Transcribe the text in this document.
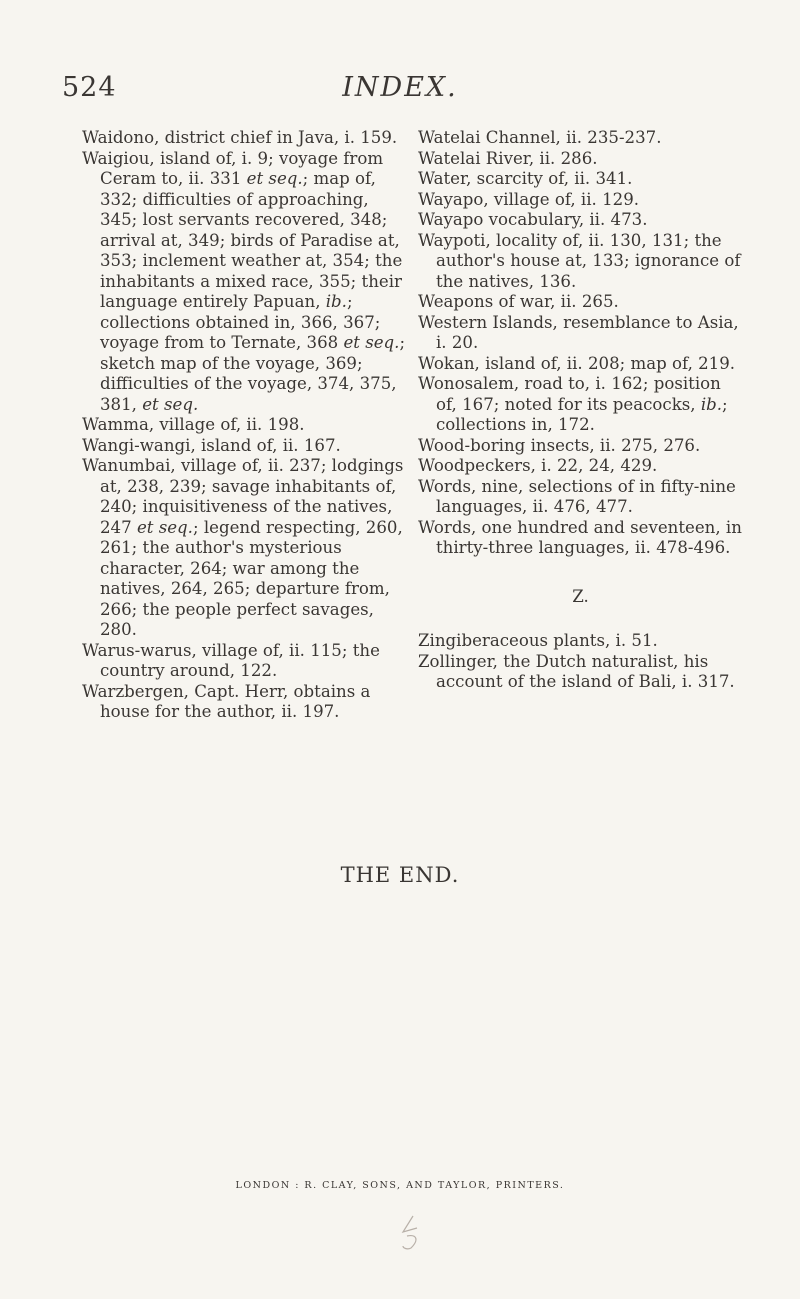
524	INDEX.

Waidono, district chief in Java, i. 159.

Waigiou, island of, i. 9; voyage from Ceram to, ii. 331 et seq.; map of, 332; difficulties of approaching, 345; lost servants recovered, 348; arrival at, 349; birds of Paradise at, 353; inclement weather at, 354; the inhabitants a mixed race, 355; their language entirely Papuan, ib.; collections obtained in, 366, 367; voyage from to Ternate, 368 et seq.; sketch map of the voyage, 369; difficulties of the voyage, 374, 375, 381, et seq.

Wamma, village of, ii. 198.

Wangi-wangi, island of, ii. 167.

Wanumbai, village of, ii. 237; lodgings at, 238, 239; savage inhabitants of, 240; inquisitiveness of the natives, 247 et seq.; legend respecting, 260, 261; the author's mysterious character, 264; war among the natives, 264, 265; departure from, 266; the people perfect savages, 280.

Warus-warus, village of, ii. 115; the country around, 122.

Warzbergen, Capt. Herr, obtains a house for the author, ii. 197.

Watelai Channel, ii. 235-237.

Watelai River, ii. 286.

Water, scarcity of, ii. 341.

Wayapo, village of, ii. 129.

Wayapo vocabulary, ii. 473.

Waypoti, locality of, ii. 130, 131; the author's house at, 133; ignorance of the natives, 136.

Weapons of war, ii. 265.

Western Islands, resemblance to Asia, i. 20.

Wokan, island of, ii. 208; map of, 219.

Wonosalem, road to, i. 162; position of, 167; noted for its peacocks, ib.; collections in, 172.

Wood-boring insects, ii. 275, 276.

Woodpeckers, i. 22, 24, 429.

Words, nine, selections of in fifty-nine languages, ii. 476, 477.

Words, one hundred and seventeen, in thirty-three languages, ii. 478-496.

Z.

Zingiberaceous plants, i. 51.

Zollinger, the Dutch naturalist, his account of the island of Bali, i. 317.

THE END.
LONDON : R. CLAY, SONS, AND TAYLOR, PRINTERS.
